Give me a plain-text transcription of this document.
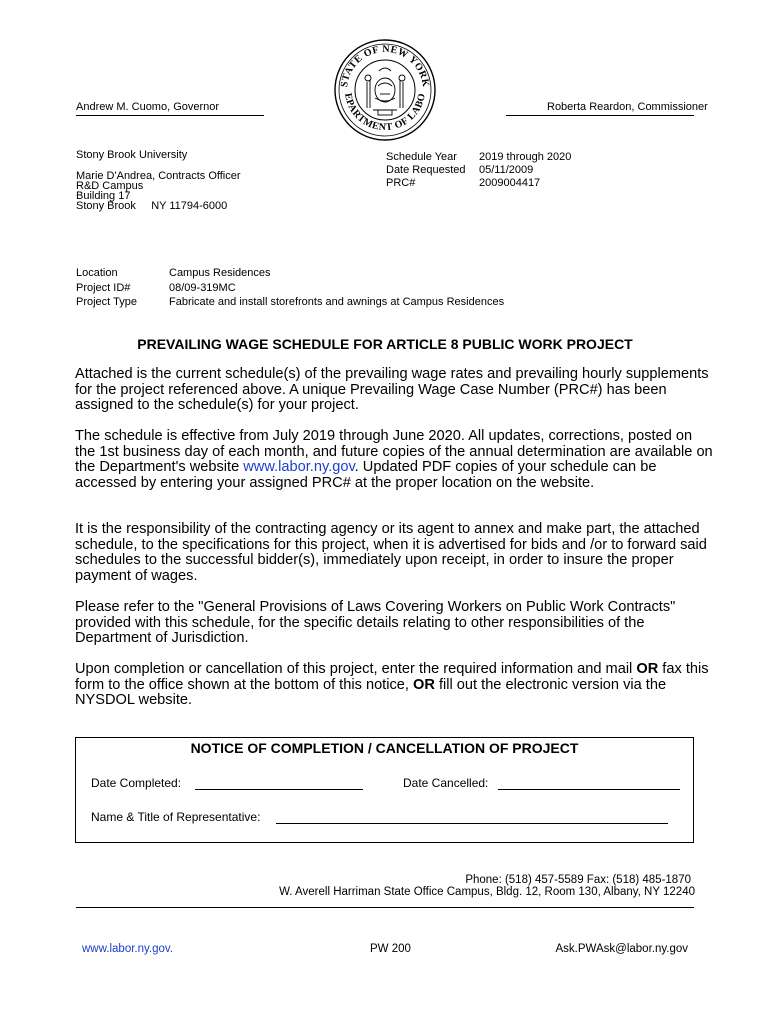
Andrew M. Cuomo, Governor	Roberta Reardon, Commissioner
STATE OF NEW YORK
EPARTMENT OF LABO
Stony Brook University
Marie D'Andrea, Contracts Officer
R&D Campus
Building 17
Stony Brook     NY 11794-6000
Schedule Year	2019 through 2020
Date Requested	05/11/2009
PRC#	2009004417
Location	Campus Residences
Project ID#	08/09-319MC
Project Type	Fabricate and install storefronts and awnings at Campus Residences
PREVAILING WAGE SCHEDULE FOR ARTICLE 8 PUBLIC WORK PROJECT

Attached is the current schedule(s) of the prevailing wage rates and prevailing hourly supplements for the project referenced above. A unique Prevailing Wage Case Number (PRC#) has been assigned to the schedule(s) for your project.

The schedule is effective from July 2019 through June 2020. All updates, corrections, posted on the 1st business day of each month, and future copies of the annual determination are available on the Department's website www.labor.ny.gov. Updated PDF copies of your schedule can be accessed by entering your assigned PRC# at the proper location on the website.

It is the responsibility of the contracting agency or its agent to annex and make part, the attached schedule, to the specifications for this project, when it is advertised for bids and /or to forward said schedules to the successful bidder(s), immediately upon receipt, in order to insure the proper payment of wages.

Please refer to the "General Provisions of Laws Covering Workers on Public Work Contracts" provided with this schedule, for the specific details relating to other responsibilities of the Department of Jurisdiction.

Upon completion or cancellation of this project, enter the required information and mail OR fax this form to the office shown at the bottom of this notice, OR fill out the electronic version via the NYSDOL website.

NOTICE OF COMPLETION / CANCELLATION OF PROJECT
Date Completed:	Date Cancelled:
Name & Title of Representative:
Phone: (518) 457-5589 Fax: (518) 485-1870
W. Averell Harriman State Office Campus, Bldg. 12, Room 130, Albany, NY 12240
www.labor.ny.gov.	PW 200	Ask.PWAsk@labor.ny.gov
